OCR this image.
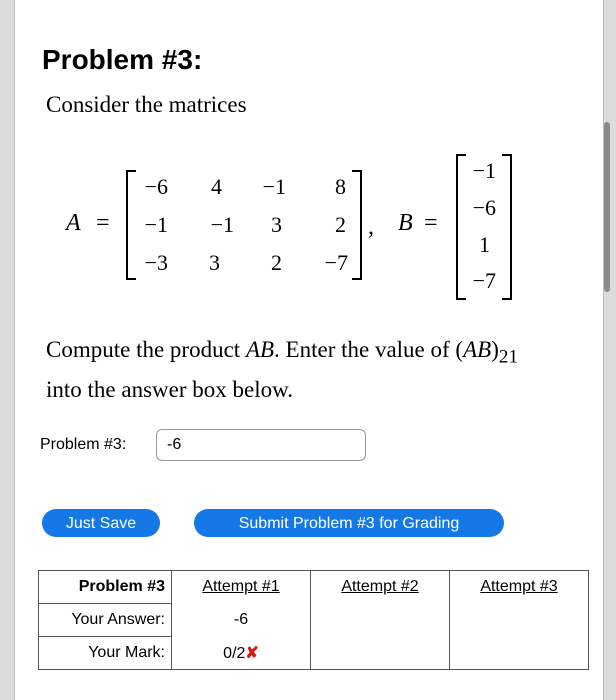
Problem #3:
Consider the matrices
A =
−6	4	−1	8
−1	−1	3	2
−3	3	2	−7
, B =
−1
−6
1
−7
Compute the product AB. Enter the value of $(AB)_{21}$
into the answer box below.
Problem #3:
-6
Just Save	Submit Problem #3 for Grading
Problem #3	Attempt #1	Attempt #2	Attempt #3
Your Answer:	-6		
Your Mark:	0/2✘		
